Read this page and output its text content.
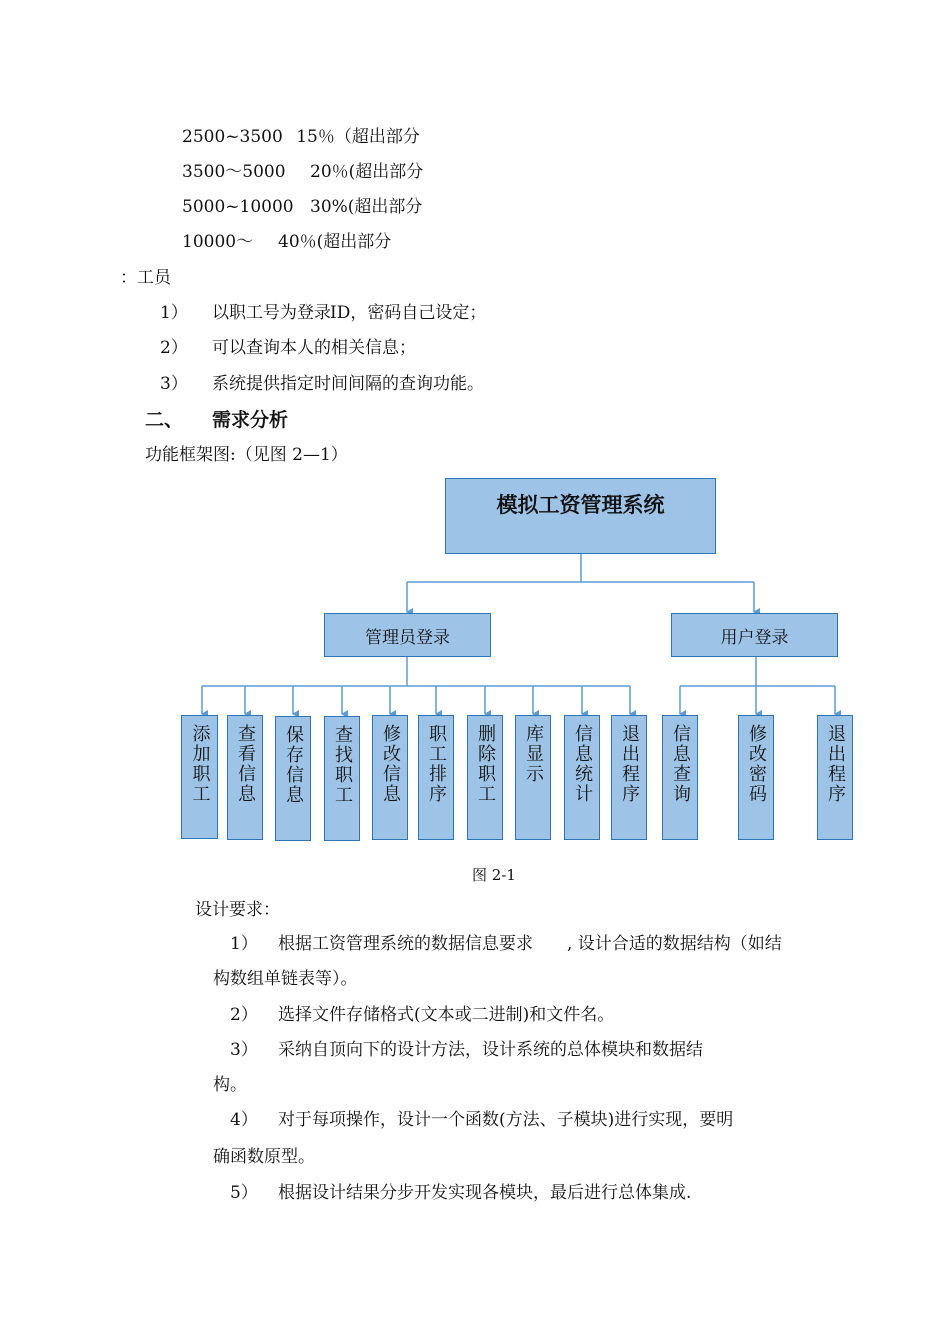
2500~3500 15％（超出部分
3500～5000 20％(超出部分
5000~10000 30%(超出部分
10000～ 40％(超出部分
：工员
1） 以职工号为登录 ID，密码自己设定；
2） 可以查询本人的相关信息；
3） 系统提供指定时间间隔的查询功能。
二、 需求分析
功能框架图:（见图 2—1）
模拟工资管理系统
管理员登录	用户登录
添加职工	查看信息	保存信息	查找职工	修改信息	职工排序	删除职工	库显示	信息统计	退出程序	信息查询	修改密码	退出程序
图 2-1
设计要求：
1） 根据工资管理系统的数据信息要求　　, 设计合适的数据结构（如结
构数组单链表等）。
2） 选择文件存储格式(文本或二进制)和文件名。
3） 采纳自顶向下的设计方法，设计系统的总体模块和数据结
构。
4） 对于每项操作，设计一个函数(方法、子模块)进行实现，要明
确函数原型。
5） 根据设计结果分步开发实现各模块，最后进行总体集成.
